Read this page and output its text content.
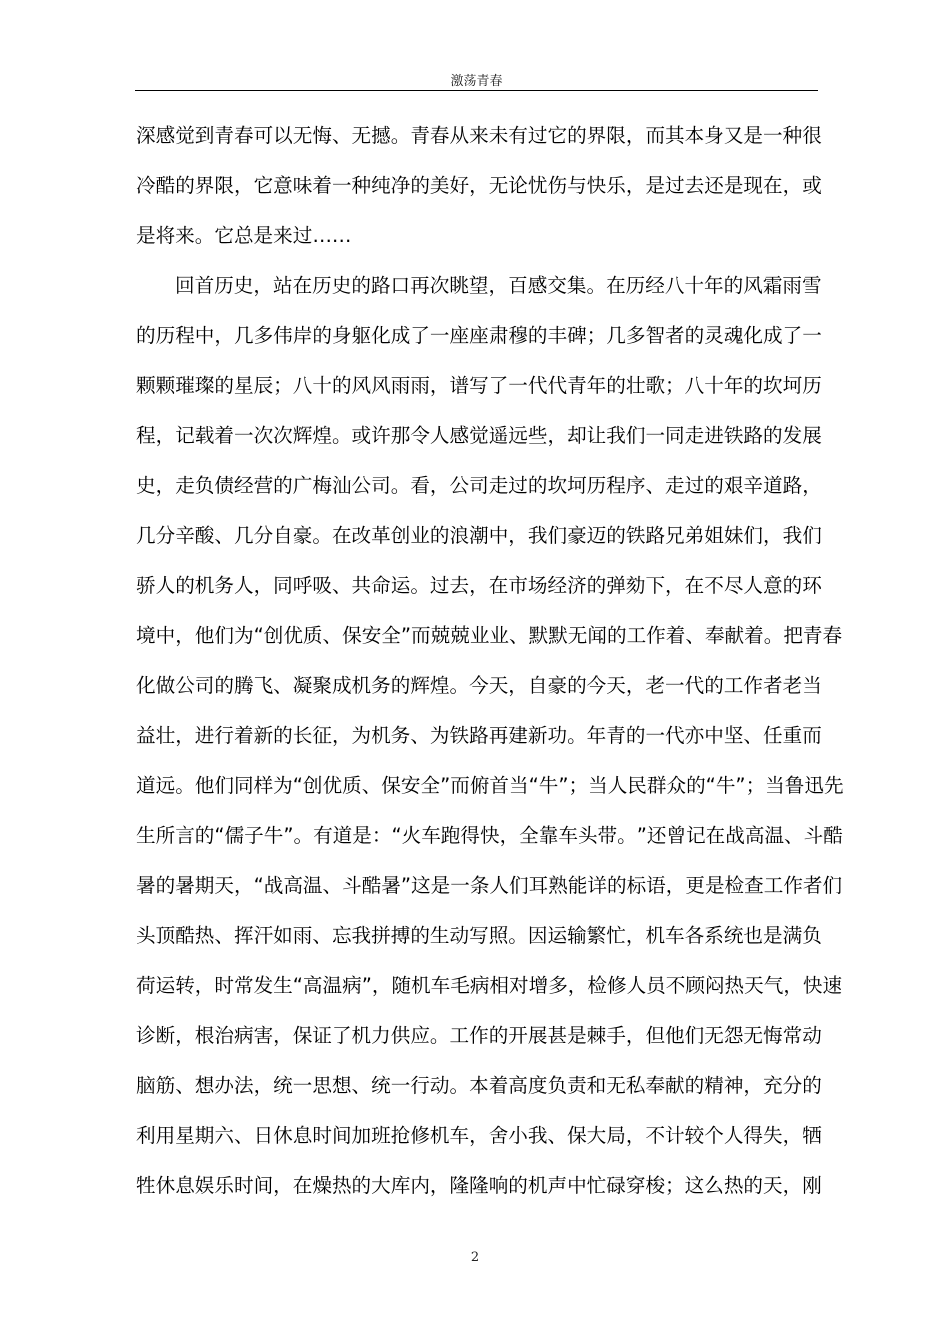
激荡青春
深 感 觉 到 青 春 可 以 无 悔 、 无 撼 。 青 春 从 来 未 有 过 它 的 界 限 ， 而 其 本 身 又 是 一 种 很
冷 酷 的 界 限 ， 它 意 味 着 一 种 纯 净 的 美 好 ， 无 论 忧 伤 与 快 乐 ， 是 过 去 还 是 现 在 ， 或
是将来。它总是来过……
回 首 历 史 ， 站 在 历 史 的 路 口 再 次 眺 望 ， 百 感 交 集 。 在 历 经 八 十 年 的 风 霜 雨 雪
的 历 程 中 ， 几 多 伟 岸 的 身 躯 化 成 了 一 座 座 肃 穆 的 丰 碑 ； 几 多 智 者 的 灵 魂 化 成 了 一
颗 颗 璀 璨 的 星 辰 ； 八 十 的 风 风 雨 雨 ， 谱 写 了 一 代 代 青 年 的 壮 歌 ； 八 十 年 的 坎 坷 历
程 ， 记 载 着 一 次 次 辉 煌 。 或 许 那 令 人 感 觉 遥 远 些 ， 却 让 我 们 一 同 走 进 铁 路 的 发 展
史 ， 走 负 债 经 营 的 广 梅 汕 公 司 。 看 ， 公 司 走 过 的 坎 坷 历 程 序 、 走 过 的 艰 辛 道 路 ，
几 分 辛 酸 、 几 分 自 豪 。 在 改 革 创 业 的 浪 潮 中 ， 我 们 豪 迈 的 铁 路 兄 弟 姐 妹 们 ， 我 们
骄 人 的 机 务 人 ， 同 呼 吸 、 共 命 运 。 过 去 ， 在 市 场 经 济 的 弹 劾 下 ， 在 不 尽 人 意 的 环
境 中 ， 他 们 为 “ 创 优 质 、 保 安 全 ” 而 兢 兢 业 业 、 默 默 无 闻 的 工 作 着 、 奉 献 着 。 把 青 春
化 做 公 司 的 腾 飞 、 凝 聚 成 机 务 的 辉 煌 。 今 天 ， 自 豪 的 今 天 ， 老 一 代 的 工 作 者 老 当
益 壮 ， 进 行 着 新 的 长 征 ， 为 机 务 、 为 铁 路 再 建 新 功 。 年 青 的 一 代 亦 中 坚 、 任 重 而
道 远 。 他 们 同 样 为 “ 创 优 质 、 保 安 全 ” 而 俯 首 当 “ 牛 ” ； 当 人 民 群 众 的 “ 牛 ” ； 当 鲁 迅 先
生 所 言 的 “ 儒 子 牛 ” 。 有 道 是 ： “ 火 车 跑 得 快 ， 全 靠 车 头 带 。 ” 还 曾 记 在 战 高 温 、 斗 酷
暑 的 暑 期 天 ， “ 战 高 温 、 斗 酷 暑 ” 这 是 一 条 人 们 耳 熟 能 详 的 标 语 ， 更 是 检 查 工 作 者 们
头 顶 酷 热 、 挥 汗 如 雨 、 忘 我 拼 搏 的 生 动 写 照 。 因 运 输 繁 忙 ， 机 车 各 系 统 也 是 满 负
荷 运 转 ， 时 常 发 生 “ 高 温 病 ” ， 随 机 车 毛 病 相 对 增 多 ， 检 修 人 员 不 顾 闷 热 天 气 ， 快 速
诊 断 ， 根 治 病 害 ， 保 证 了 机 力 供 应 。 工 作 的 开 展 甚 是 棘 手 ， 但 他 们 无 怨 无 悔 常 动
脑 筋 、 想 办 法 ， 统 一 思 想 、 统 一 行 动 。 本 着 高 度 负 责 和 无 私 奉 献 的 精 神 ， 充 分 的
利 用 星 期 六 、 日 休 息 时 间 加 班 抢 修 机 车 ， 舍 小 我 、 保 大 局 ， 不 计 较 个 人 得 失 ， 牺
牲 休 息 娱 乐 时 间 ， 在 燥 热 的 大 库 内 ， 隆 隆 响 的 机 声 中 忙 碌 穿 梭 ； 这 么 热 的 天 ， 刚
2
